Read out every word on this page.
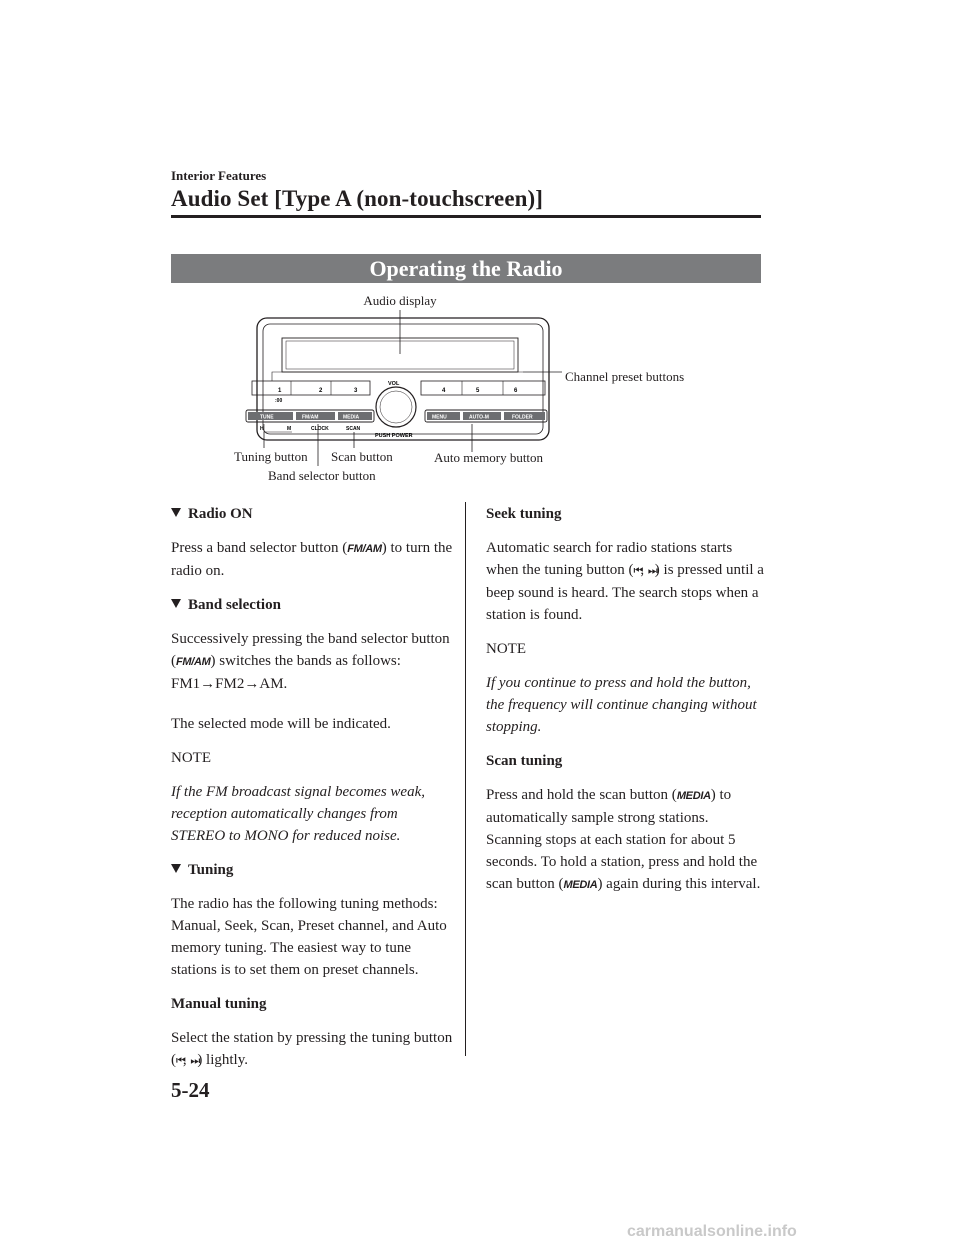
Interior Features
Audio Set [Type A (non-touchscreen)]
Operating the Radio
1	2	3	4	5	6
:00
VOL
PUSH POWER
TUNE	FM/AM	MEDIA
H	M	CLOCK	SCAN
MENU	AUTO-M	FOLDER
Audio display
Channel preset buttons
Tuning button Scan button	Auto memory button
Band selector button

Radio ON

Press a band selector button (FM/AM) to turn the radio on.

Band selection

Successively pressing the band selector button (FM/AM) switches the bands as follows: FM1→FM2→AM.

The selected mode will be indicated.

NOTE

If the FM broadcast signal becomes weak, reception automatically changes from STEREO to MONO for reduced noise.

Tuning

The radio has the following tuning methods: Manual, Seek, Scan, Preset channel, and Auto memory tuning. The easiest way to tune stations is to set them on preset channels.

Manual tuning

Select the station by pressing the tuning button (⏮, ⏭) lightly.

Seek tuning

Automatic search for radio stations starts when the tuning button (⏮, ⏭) is pressed until a beep sound is heard. The search stops when a station is found.

NOTE

If you continue to press and hold the button, the frequency will continue changing without stopping.

Scan tuning

Press and hold the scan button (MEDIA) to automatically sample strong stations. Scanning stops at each station for about 5 seconds. To hold a station, press and hold the scan button (MEDIA) again during this interval.

5-24
carmanualsonline.info
